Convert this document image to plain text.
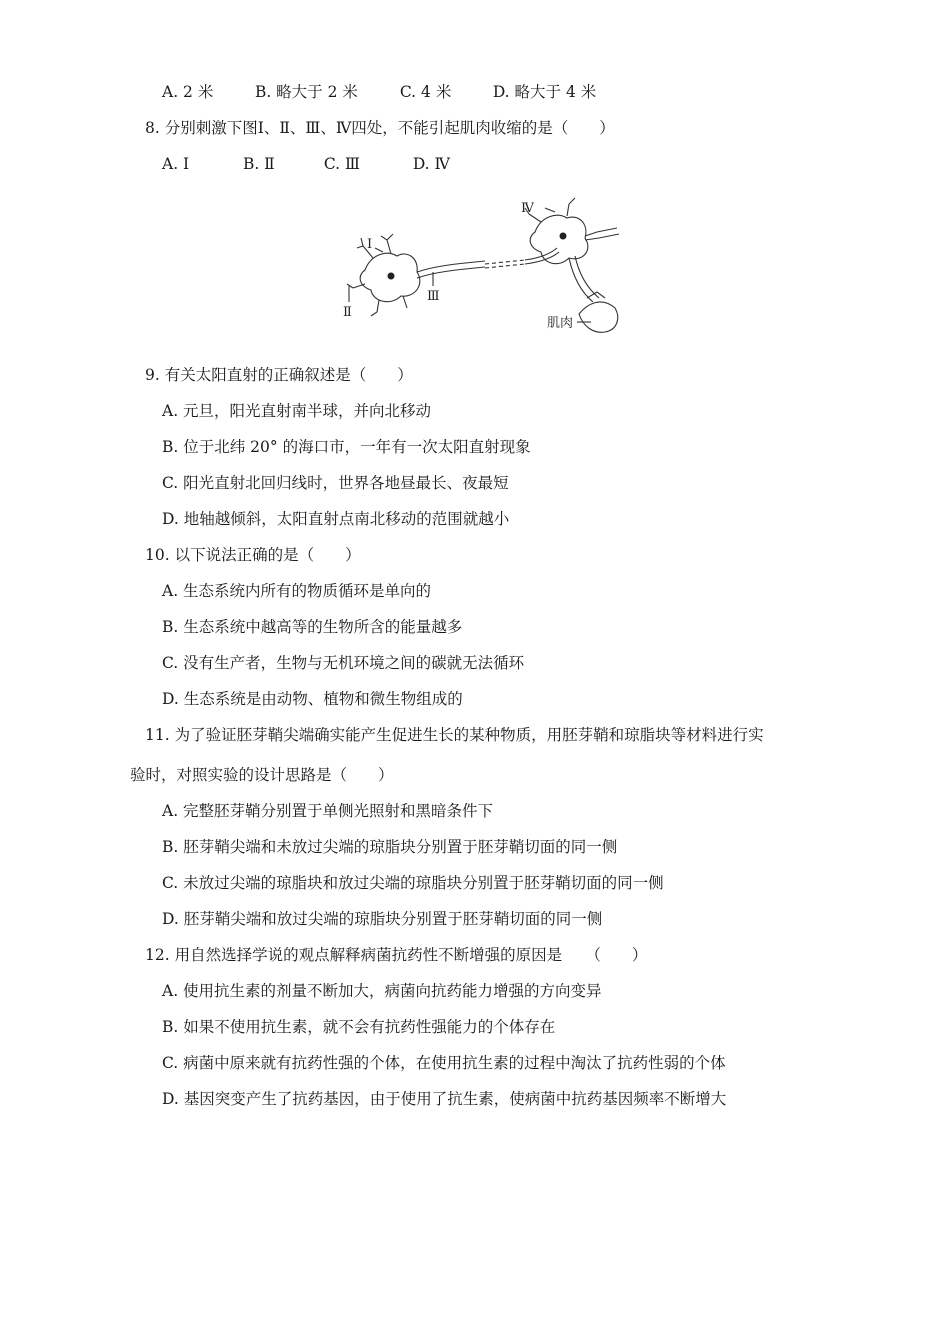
A. 2 米	B. 略大于 2 米	C. 4 米	D. 略大于 4 米
8. 分别刺激下图Ⅰ、Ⅱ、Ⅲ、Ⅳ四处，不能引起肌肉收缩的是（　　）
A. Ⅰ	B. Ⅱ	C. Ⅲ	D. Ⅳ
Ⅰ
Ⅱ
Ⅲ
Ⅳ
肌肉
9. 有关太阳直射的正确叙述是（　　）
A. 元旦，阳光直射南半球，并向北移动
B. 位于北纬 20° 的海口市，一年有一次太阳直射现象
C. 阳光直射北回归线时，世界各地昼最长、夜最短
D. 地轴越倾斜，太阳直射点南北移动的范围就越小
10. 以下说法正确的是（　　）
A. 生态系统内所有的物质循环是单向的
B. 生态系统中越高等的生物所含的能量越多
C. 没有生产者，生物与无机环境之间的碳就无法循环
D. 生态系统是由动物、植物和微生物组成的
11. 为了验证胚芽鞘尖端确实能产生促进生长的某种物质，用胚芽鞘和琼脂块等材料进行实
验时，对照实验的设计思路是（　　）
A. 完整胚芽鞘分别置于单侧光照射和黑暗条件下
B. 胚芽鞘尖端和未放过尖端的琼脂块分别置于胚芽鞘切面的同一侧
C. 未放过尖端的琼脂块和放过尖端的琼脂块分别置于胚芽鞘切面的同一侧
D. 胚芽鞘尖端和放过尖端的琼脂块分别置于胚芽鞘切面的同一侧
12. 用自然选择学说的观点解释病菌抗药性不断增强的原因是　　（　　）
A. 使用抗生素的剂量不断加大，病菌向抗药能力增强的方向变异
B. 如果不使用抗生素，就不会有抗药性强能力的个体存在
C. 病菌中原来就有抗药性强的个体，在使用抗生素的过程中淘汰了抗药性弱的个体
D. 基因突变产生了抗药基因，由于使用了抗生素，使病菌中抗药基因频率不断增大
